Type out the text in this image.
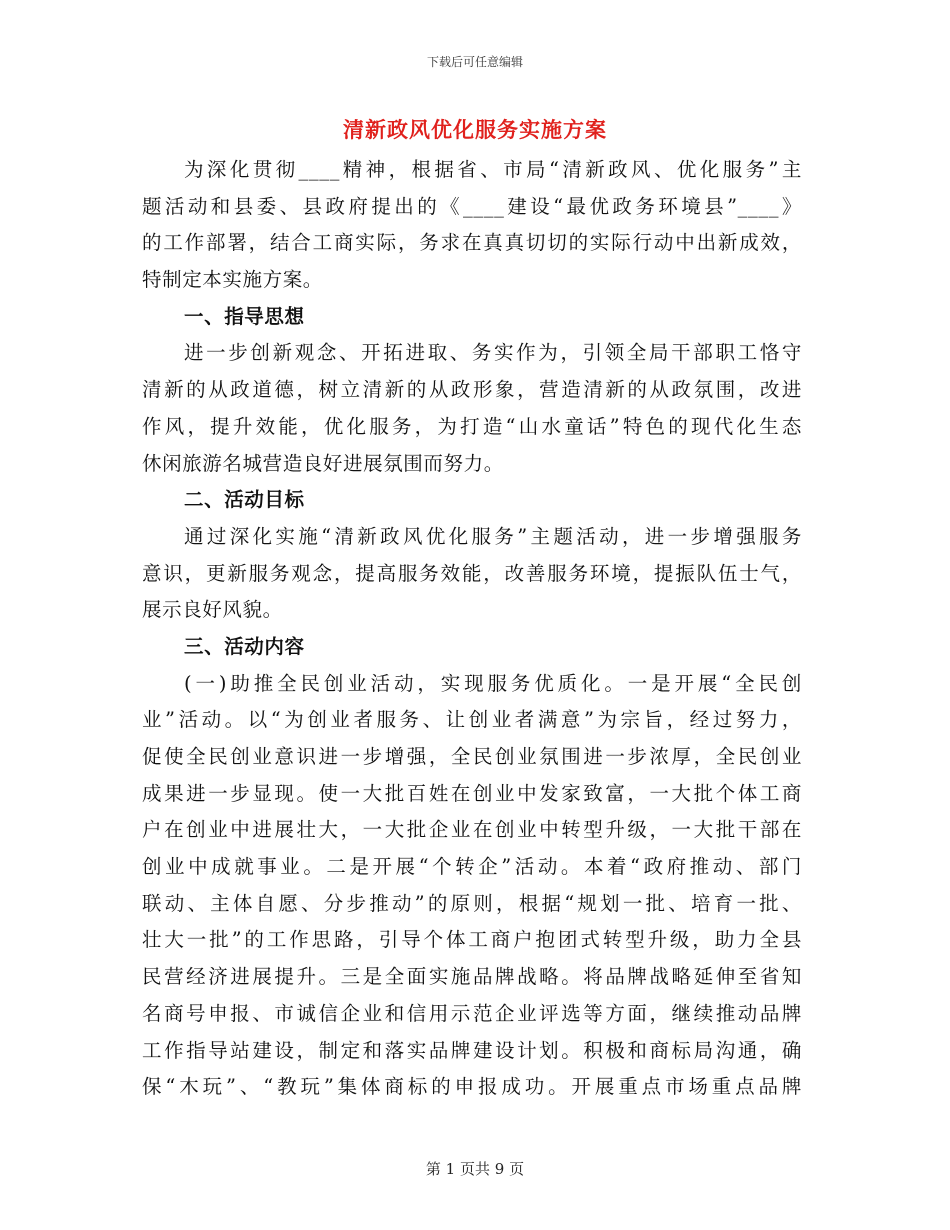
下载后可任意编辑
清新政风优化服务实施方案
为深化贯彻____精神，根据省、市局“清新政风、优化服务”主
题活动和县委、县政府提出的《____建设“最优政务环境县”____》
的工作部署，结合工商实际，务求在真真切切的实际行动中出新成效，
特制定本实施方案。
一、指导思想
进一步创新观念、开拓进取、务实作为，引领全局干部职工恪守
清新的从政道德，树立清新的从政形象，营造清新的从政氛围，改进
作风，提升效能，优化服务，为打造“山水童话”特色的现代化生态
休闲旅游名城营造良好进展氛围而努力。
二、活动目标
通过深化实施“清新政风优化服务”主题活动，进一步增强服务
意识，更新服务观念，提高服务效能，改善服务环境，提振队伍士气，
展示良好风貌。
三、活动内容
(一)助推全民创业活动，实现服务优质化。一是开展“全民创
业”活动。以“为创业者服务、让创业者满意”为宗旨，经过努力，
促使全民创业意识进一步增强，全民创业氛围进一步浓厚，全民创业
成果进一步显现。使一大批百姓在创业中发家致富，一大批个体工商
户在创业中进展壮大，一大批企业在创业中转型升级，一大批干部在
创业中成就事业。二是开展“个转企”活动。本着“政府推动、部门
联动、主体自愿、分步推动”的原则，根据“规划一批、培育一批、
壮大一批”的工作思路，引导个体工商户抱团式转型升级，助力全县
民营经济进展提升。三是全面实施品牌战略。将品牌战略延伸至省知
名商号申报、市诚信企业和信用示范企业评选等方面，继续推动品牌
工作指导站建设，制定和落实品牌建设计划。积极和商标局沟通，确
保“木玩”、“教玩”集体商标的申报成功。开展重点市场重点品牌
第 1 页共 9 页
